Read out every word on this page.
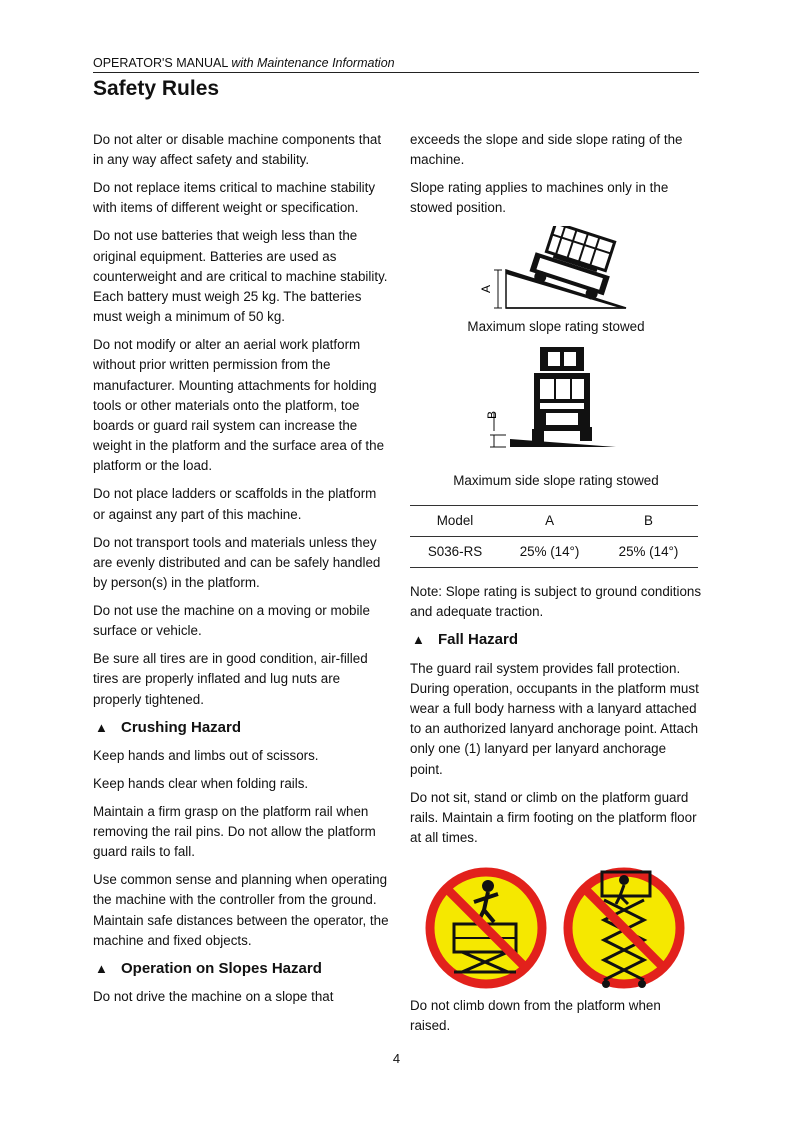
OPERATOR'S MANUAL with Maintenance Information
Safety Rules

Do not alter or disable machine components that in any way affect safety and stability.

Do not replace items critical to machine stability with items of different weight or specification.

Do not use batteries that weigh less than the original equipment. Batteries are used as counterweight and are critical to machine stability. Each battery must weigh 25 kg. The batteries must weigh a minimum of 50 kg.

Do not modify or alter an aerial work platform without prior written permission from the manufacturer. Mounting attachments for holding tools or other materials onto the platform, toe boards or guard rail system can increase the weight in the platform and the surface area of the platform or the load.

Do not place ladders or scaffolds in the platform or against any part of this machine.

Do not transport tools and materials unless they are evenly distributed and can be safely handled by person(s) in the platform.

Do not use the machine on a moving or mobile surface or vehicle.

Be sure all tires are in good condition, air-filled tires are properly inflated and lug nuts are properly tightened.

▲ Crushing Hazard

Keep hands and limbs out of scissors.

Keep hands clear when folding rails.

Maintain a firm grasp on the platform rail when removing the rail pins. Do not allow the platform guard rails to fall.

Use common sense and planning when operating the machine with the controller from the ground. Maintain safe distances between the operator, the machine and fixed objects.

▲ Operation on Slopes Hazard

Do not drive the machine on a slope that

exceeds the slope and side slope rating of the machine.

Slope rating applies to machines only in the stowed position.

A
Maximum slope rating stowed
B
Maximum side slope rating stowed
Model	A	B
S036-RS	25% (14°)	25% (14°)

Note: Slope rating is subject to ground conditions and adequate traction.

▲ Fall Hazard

The guard rail system provides fall protection. During operation, occupants in the platform must wear a full body harness with a lanyard attached to an authorized lanyard anchorage point. Attach only one (1) lanyard per lanyard anchorage point.

Do not sit, stand or climb on the platform guard rails. Maintain a firm footing on the platform floor at all times.

Do not climb down from the platform when raised.

4
